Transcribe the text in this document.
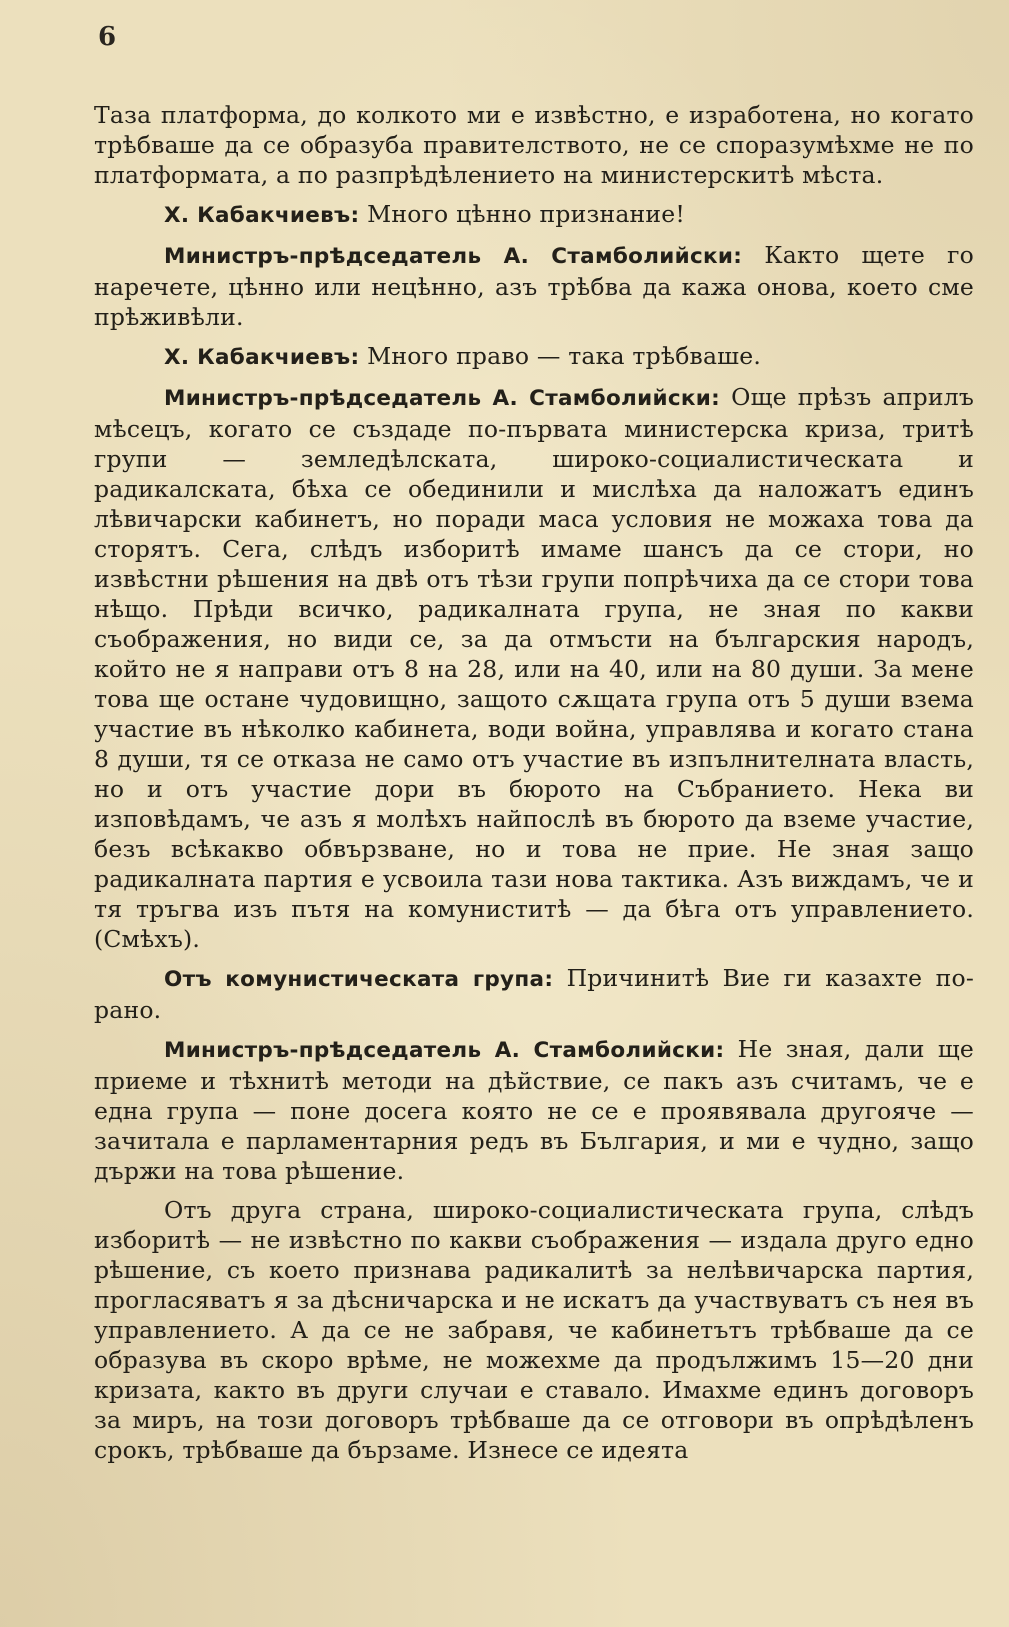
6

Таза платформа, до колкото ми е извѣстно, е изработена, но когато трѣбваше да се образуба правителството, не се споразумѣхме не по платформата, а по разпрѣдѣлението на министерскитѣ мѣста.

Х. Кабакчиевъ: Много цѣнно признание!

Министръ-прѣдседатель А. Стамболийски: Както щете го наречете, цѣнно или нецѣнно, азъ трѣбва да кажа онова, което сме прѣживѣли.

Х. Кабакчиевъ: Много право — така трѣбваше.

Министръ-прѣдседатель А. Стамболийски: Още прѣзъ априлъ мѣсецъ, когато се създаде по-първата министерска криза, тритѣ групи — земледѣлската, широко-социалистическата и радикалската, бѣха се обединили и мислѣха да наложатъ единъ лѣвичарски кабинетъ, но поради маса условия не можаха това да сторятъ. Сега, слѣдъ изборитѣ имаме шансъ да се стори, но извѣстни рѣшения на двѣ отъ тѣзи групи попрѣчиха да се стори това нѣщо. Прѣди всичко, радикалната група, не зная по какви съображения, но види се, за да отмъсти на българския народъ, който не я направи отъ 8 на 28, или на 40, или на 80 души. За мене това ще остане чудовищно, защото сѫщата група отъ 5 души взема участие въ нѣколко кабинета, води война, управлява и когато стана 8 души, тя се отказа не само отъ участие въ изпълнителната власть, но и отъ участие дори въ бюрото на Събранието. Нека ви изповѣдамъ, че азъ я молѣхъ найпослѣ въ бюрото да вземе участие, безъ всѣкакво обвързване, но и това не прие. Не зная защо радикалната партия е усвоила тази нова тактика. Азъ виждамъ, че и тя тръгва изъ пътя на комуниститѣ — да бѣга отъ управлението. (Смѣхъ).

Отъ комунистическата група: Причинитѣ Вие ги казахте по-рано.

Министръ-прѣдседатель А. Стамболийски: Не зная, дали ще приеме и тѣхнитѣ методи на дѣйствие, се пакъ азъ считамъ, че е една група — поне досега която не се е проявявала другояче — зачитала е парламентарния редъ въ България, и ми е чудно, защо държи на това рѣшение.

Отъ друга страна, широко-социалистическата група, слѣдъ изборитѣ — не извѣстно по какви съображения — издала друго едно рѣшение, съ което признава радикалитѣ за нелѣвичарска партия, прогласяватъ я за дѣсничарска и не искатъ да участвуватъ съ нея въ управлението. А да се не забравя, че кабинетътъ трѣбваше да се образува въ скоро врѣме, не можехме да продължимъ 15—20 дни кризата, както въ други случаи е ставало. Имахме единъ договоръ за миръ, на този договоръ трѣбваше да се отговори въ опрѣдѣленъ срокъ, трѣбваше да бързаме. Изнесе се идеята
